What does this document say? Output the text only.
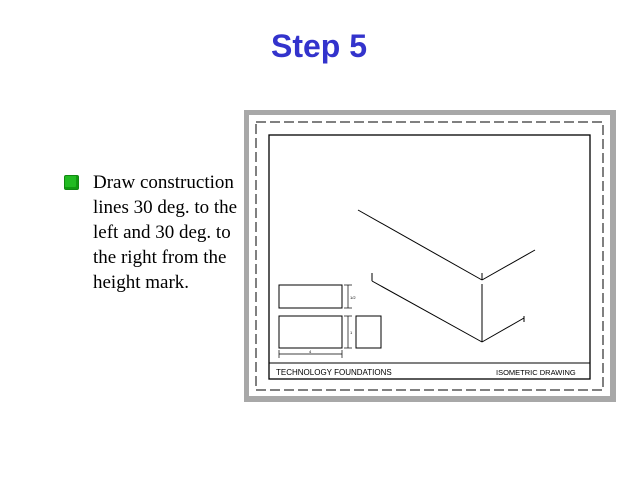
Step 5
Draw construction lines 30 deg. to the left and 30 deg. to the right from the height mark.
TECHNOLOGY FOUNDATIONS	ISOMETRIC DRAWING
1/2
1
4
